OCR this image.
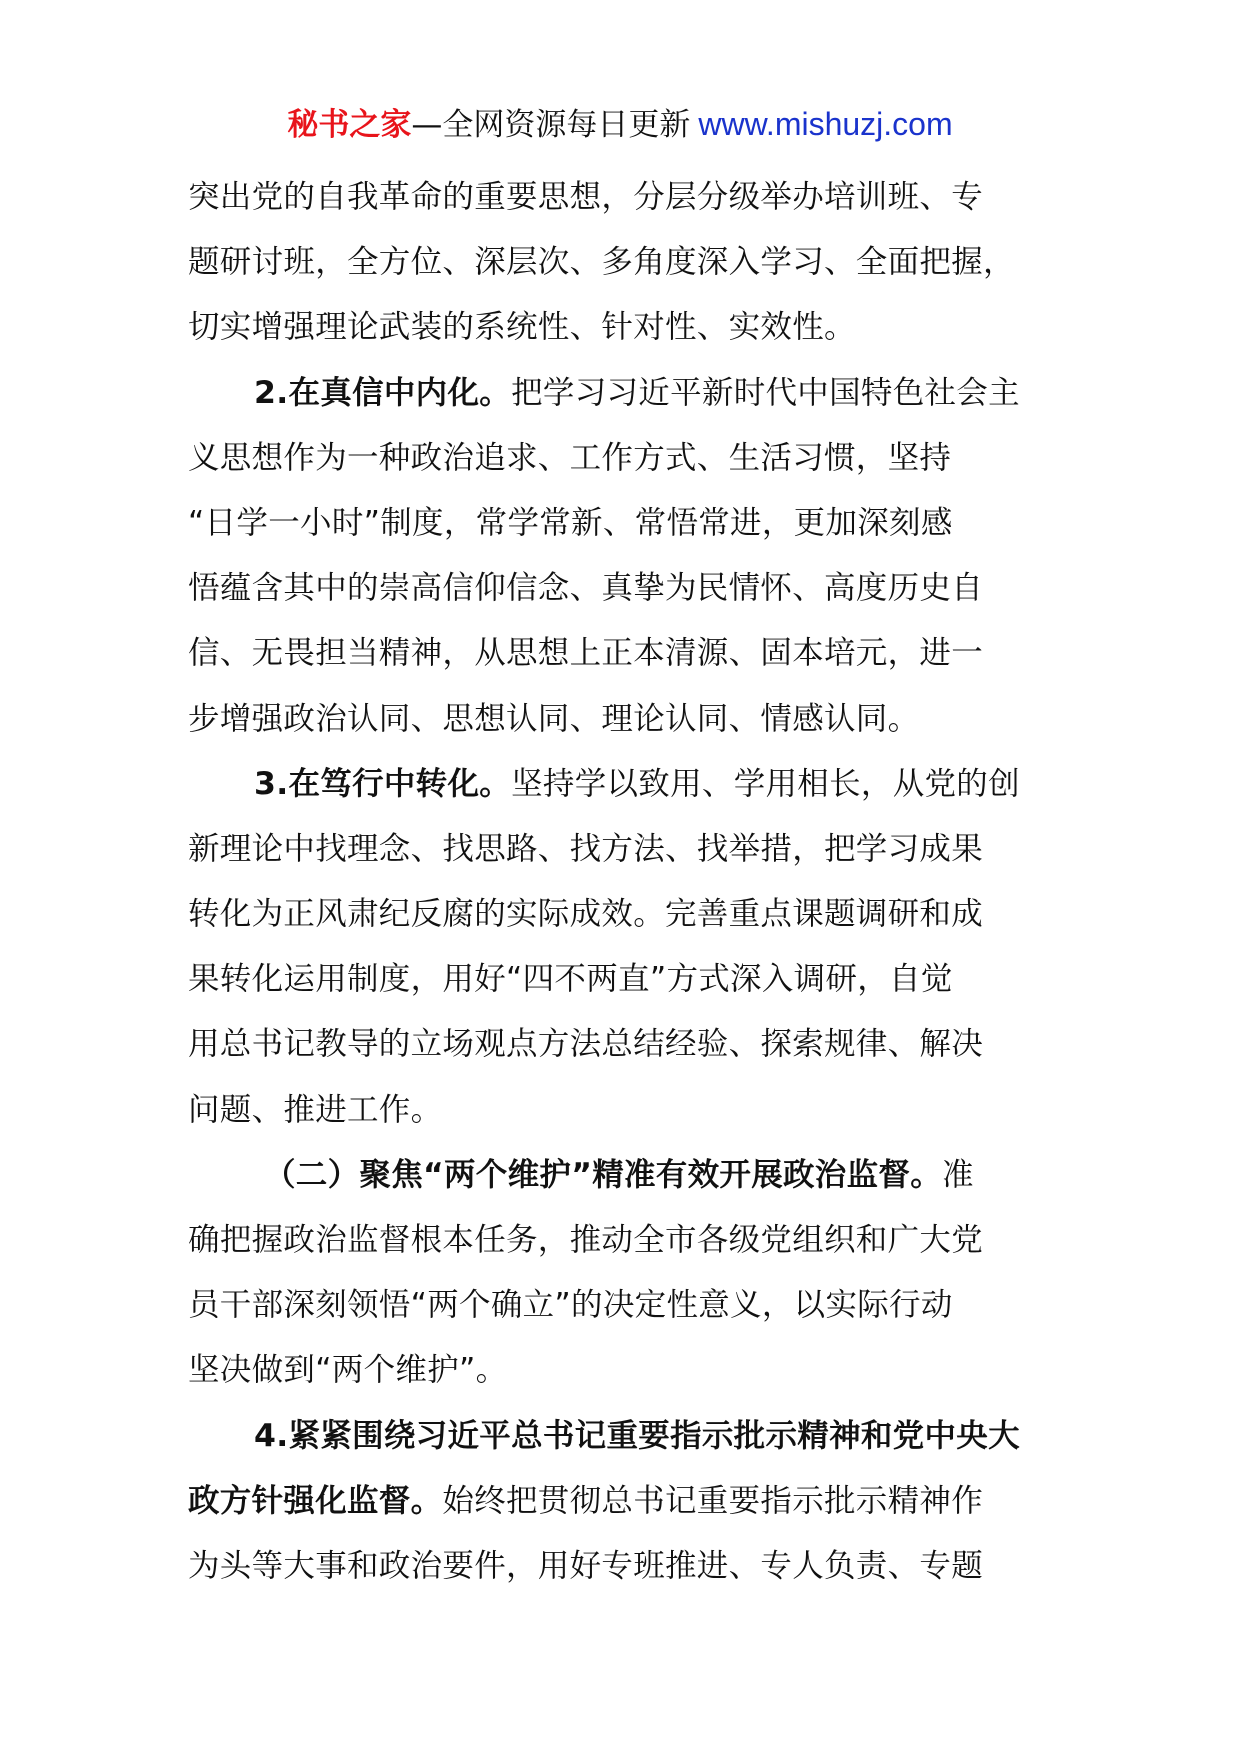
秘书之家—全网资源每日更新 www.mishuzj.com
突出党的自我革命的重要思想，分层分级举办培训班、专
题研讨班，全方位、深层次、多角度深入学习、全面把握，
切实增强理论武装的系统性、针对性、实效性。
2.在真信中内化。把学习习近平新时代中国特色社会主
义思想作为一种政治追求、工作方式、生活习惯，坚持
“日学一小时”制度，常学常新、常悟常进，更加深刻感
悟蕴含其中的崇高信仰信念、真挚为民情怀、高度历史自
信、无畏担当精神，从思想上正本清源、固本培元，进一
步增强政治认同、思想认同、理论认同、情感认同。
3.在笃行中转化。坚持学以致用、学用相长，从党的创
新理论中找理念、找思路、找方法、找举措，把学习成果
转化为正风肃纪反腐的实际成效。完善重点课题调研和成
果转化运用制度，用好“四不两直”方式深入调研，自觉
用总书记教导的立场观点方法总结经验、探索规律、解决
问题、推进工作。
（二）聚焦“两个维护”精准有效开展政治监督。准
确把握政治监督根本任务，推动全市各级党组织和广大党
员干部深刻领悟“两个确立”的决定性意义，以实际行动
坚决做到“两个维护”。
4.紧紧围绕习近平总书记重要指示批示精神和党中央大
政方针强化监督。始终把贯彻总书记重要指示批示精神作
为头等大事和政治要件，用好专班推进、专人负责、专题
